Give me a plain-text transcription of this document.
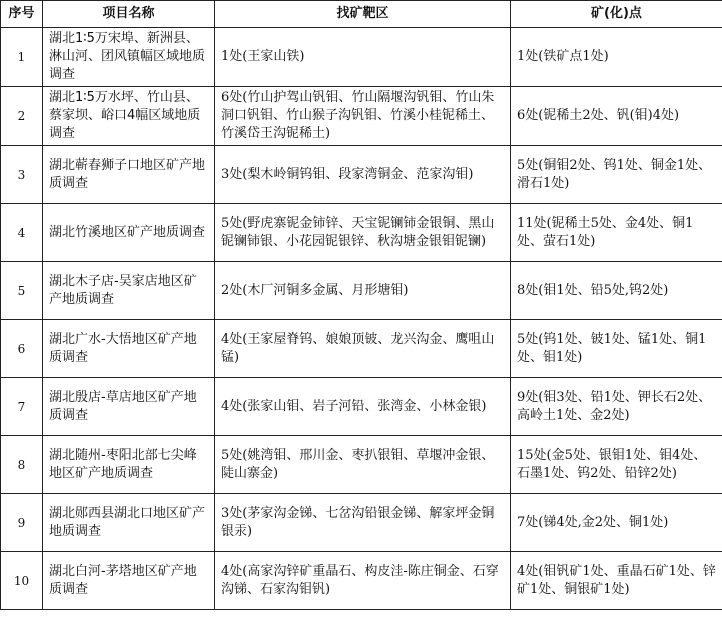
序号	项目名称	找矿靶区	矿(化)点
1	湖北1∶5万宋埠、新洲县、淋山河、团风镇幅区域地质调查	1处(王家山铁)	1处(铁矿点1处)
2	湖北1∶5万水坪、竹山县、蔡家坝、峪口4幅区域地质调查	6处(竹山护驾山钒钼、竹山隔堰沟钒钼、竹山朱洞口钒钼、竹山猴子沟钒钼、竹溪小桂铌稀土、竹溪岱王沟铌稀土)	6处(铌稀土2处、钒(钼)4处)
3	湖北蕲春狮子口地区矿产地质调查	3处(梨木岭铜钨钼、段家湾铜金、范家沟钼)	5处(铜钼2处、钨1处、铜金1处、滑石1处)
4	湖北竹溪地区矿产地质调查	5处(野虎寨铌金铈锌、天宝铌镧铈金银铜、黑山铌镧铈银、小花园铌银锌、秋沟塘金银钼铌镧)	11处(铌稀土5处、金4处、铜1处、萤石1处)
5	湖北木子店-吴家店地区矿产地质调查	2处(木厂河铜多金属、月形塘钼)	8处(钼1处、铅5处,钨2处)
6	湖北广水-大悟地区矿产地质调查	4处(王家屋脊钨、娘娘顶铍、龙兴沟金、鹰咀山锰)	5处(钨1处、铍1处、锰1处、铜1处、钼1处)
7	湖北殷店-草店地区矿产地质调查	4处(张家山钼、岩子河铅、张湾金、小林金银)	9处(钼3处、铅1处、钾长石2处、高岭土1处、金2处)
8	湖北随州-枣阳北部七尖峰地区矿产地质调查	5处(姚湾钼、邢川金、枣扒银钼、草堰冲金银、陡山寨金)	15处(金5处、银钼1处、钼4处、石墨1处、钨2处、铅锌2处)
9	湖北郧西县湖北口地区矿产地质调查	3处(茅家沟金锑、七岔沟铅银金锑、解家坪金铜银汞)	7处(锑4处,金2处、铜1处)
10	湖北白河-茅塔地区矿产地质调查	4处(高家沟锌矿重晶石、构皮洼-陈庄铜金、石穿沟锑、石家沟钼钒)	4处(钼钒矿1处、重晶石矿1处、锌矿1处、铜银矿1处)
